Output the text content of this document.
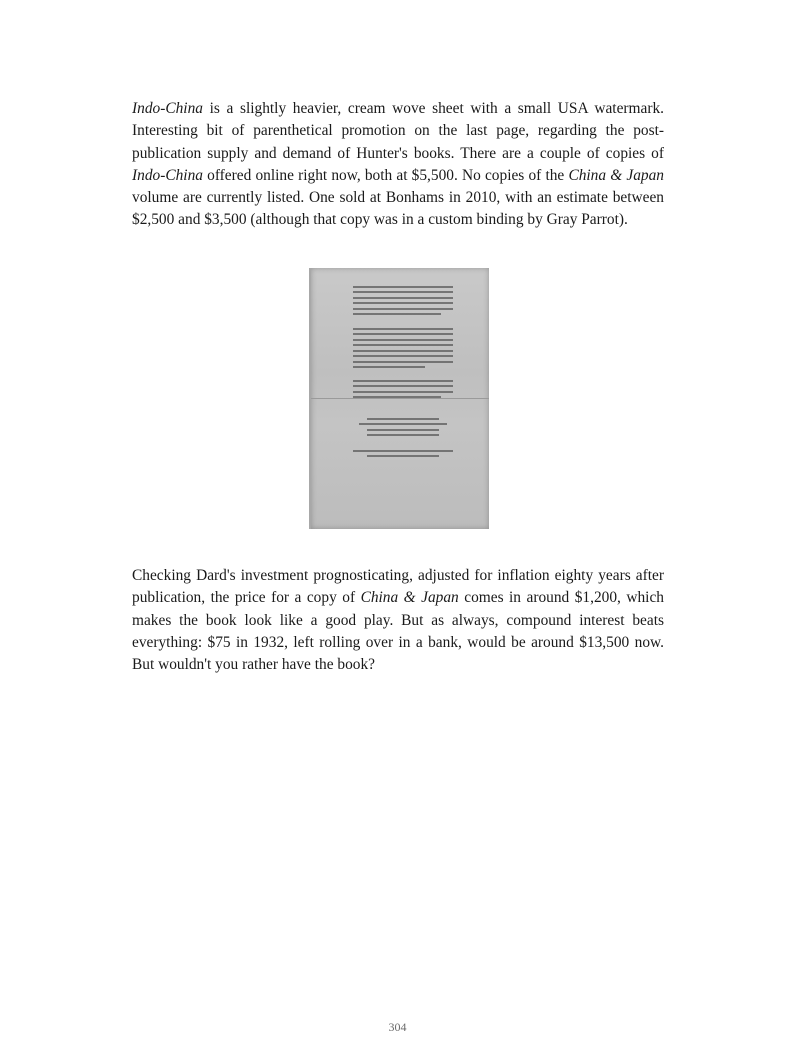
Indo-China is a slightly heavier, cream wove sheet with a small USA watermark. Interesting bit of parenthetical promotion on the last page, regarding the post-publication supply and demand of Hunter's books. There are a couple of copies of Indo-China offered online right now, both at $5,500. No copies of the China & Japan volume are currently listed. One sold at Bonhams in 2010, with an estimate between $2,500 and $3,500 (although that copy was in a custom binding by Gray Parrot).

Checking Dard's investment prognosticating, adjusted for inflation eighty years after publication, the price for a copy of China & Japan comes in around $1,200, which makes the book look like a good play. But as always, compound interest beats everything: $75 in 1932, left rolling over in a bank, would be around $13,500 now. But wouldn't you rather have the book?

304
